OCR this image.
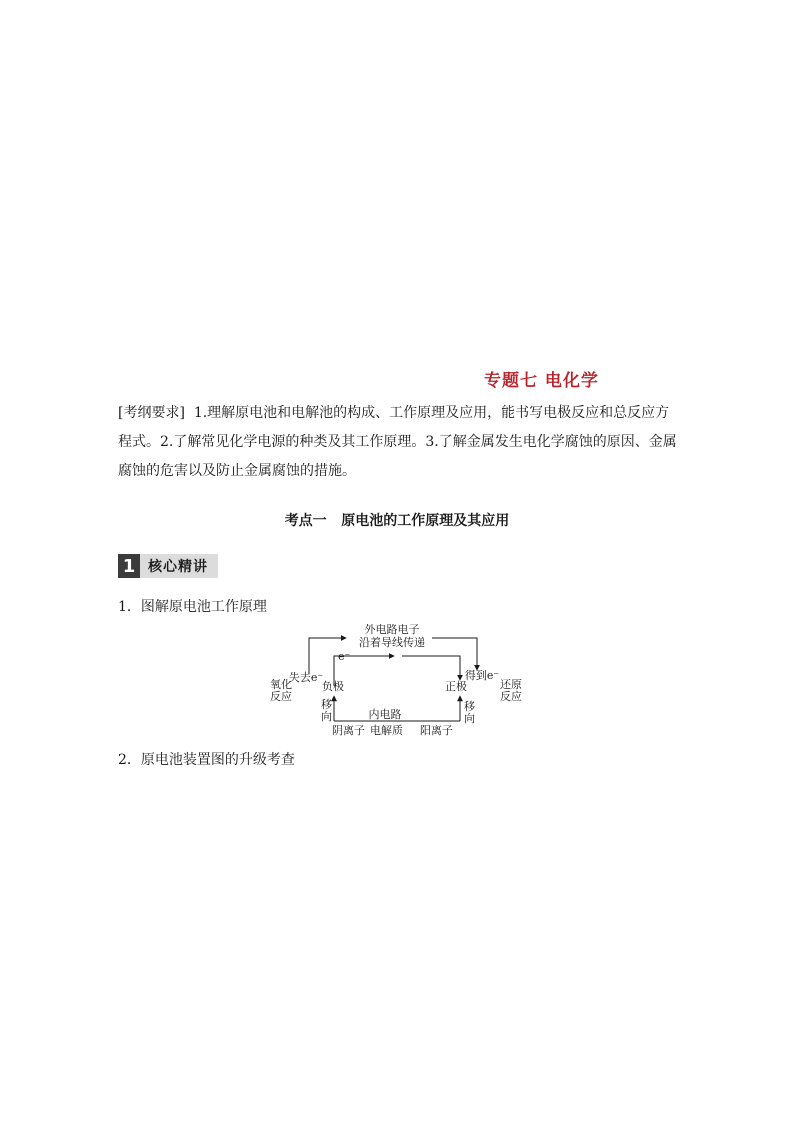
专题七 电化学
[考纲要求]  1.理解原电池和电解池的构成、工作原理及应用，能书写电极反应和总反应方程式。2.了解常见化学电源的种类及其工作原理。3.了解金属发生电化学腐蚀的原因、金属腐蚀的危害以及防止金属腐蚀的措施。
考点一   原电池的工作原理及其应用
1 核心精讲
1．图解原电池工作原理
外电路电子
沿着导线传递
e⁻
失去e⁻	得到e⁻
氧化
反应
负极	正极	还原
反应
移
向
移
向
内电路
阴离子 电解质 阳离子
2．原电池装置图的升级考查
